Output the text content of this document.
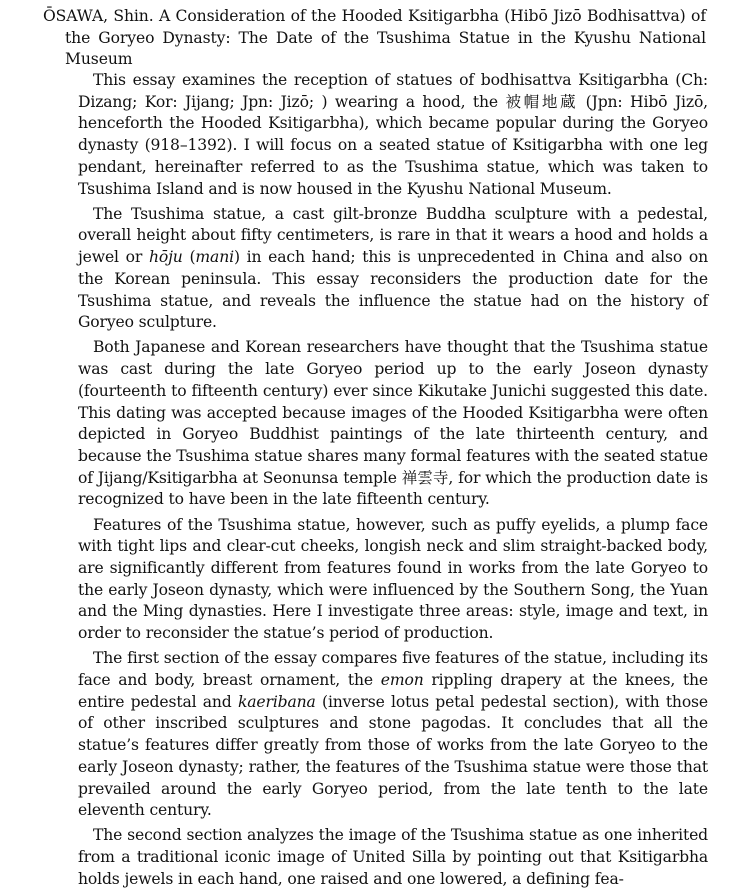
ŌSAWA, Shin. A Consideration of the Hooded Ksitigarbha (Hibō Jizō Bodhisattva) of the Goryeo Dynasty: The Date of the Tsushima Statue in the Kyushu National Museum

This essay examines the reception of statues of bodhisattva Ksitigarbha (Ch: Dizang; Kor: Jijang; Jpn: Jizō; ) wearing a hood, the 被帽地蔵 (Jpn: Hibō Jizō, henceforth the Hooded Ksitigarbha), which became popular during the Goryeo dynasty (918–1392). I will focus on a seated statue of Ksitigarbha with one leg pendant, hereinafter referred to as the Tsushima statue, which was taken to Tsushima Island and is now housed in the Kyushu National Museum.

The Tsushima statue, a cast gilt-bronze Buddha sculpture with a pedestal, overall height about fifty centimeters, is rare in that it wears a hood and holds a jewel or hōju (mani) in each hand; this is unprecedented in China and also on the Korean peninsula. This essay reconsiders the production date for the Tsushima statue, and reveals the influence the statue had on the history of Goryeo sculpture.

Both Japanese and Korean researchers have thought that the Tsushima statue was cast during the late Goryeo period up to the early Joseon dynasty (fourteenth to fifteenth century) ever since Kikutake Junichi suggested this date. This dating was accepted because images of the Hooded Ksitigarbha were often depicted in Goryeo Buddhist paintings of the late thirteenth century, and because the Tsushima statue shares many formal features with the seated statue of Jijang/Ksitigarbha at Seonunsa temple 禅雲寺, for which the production date is recognized to have been in the late fifteenth century.

Features of the Tsushima statue, however, such as puffy eyelids, a plump face with tight lips and clear-cut cheeks, longish neck and slim straight-backed body, are significantly different from features found in works from the late Goryeo to the early Joseon dynasty, which were influenced by the Southern Song, the Yuan and the Ming dynasties. Here I investigate three areas: style, image and text, in order to reconsider the statue’s period of production.

The first section of the essay compares five features of the statue, including its face and body, breast ornament, the emon rippling drapery at the knees, the entire pedestal and kaeribana (inverse lotus petal pedestal section), with those of other inscribed sculptures and stone pagodas. It concludes that all the statue’s features differ greatly from those of works from the late Goryeo to the early Joseon dynasty; rather, the features of the Tsushima statue were those that prevailed around the early Goryeo period, from the late tenth to the late eleventh century.

The second section analyzes the image of the Tsushima statue as one inherited from a traditional iconic image of United Silla by pointing out that Ksitigarbha holds jewels in each hand, one raised and one lowered, a defining fea-
